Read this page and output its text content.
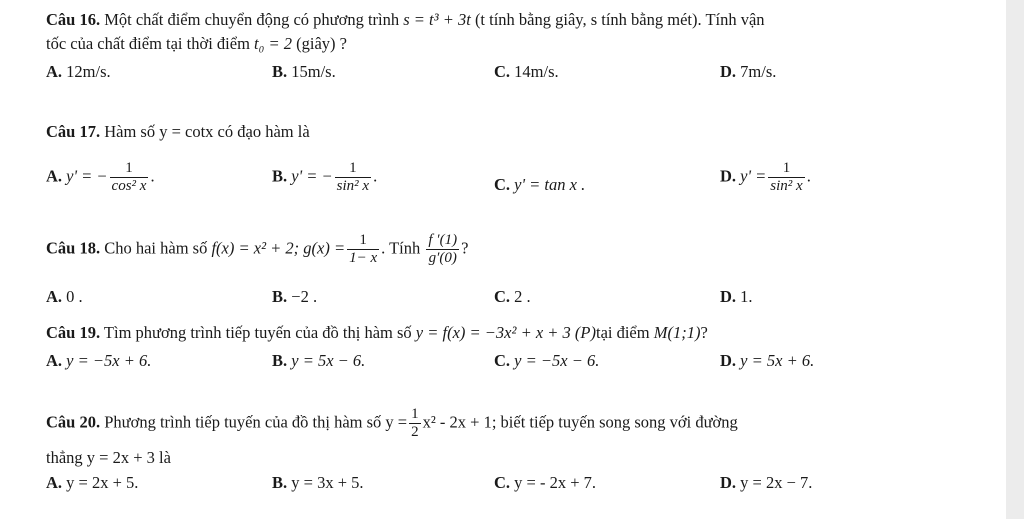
Câu 16. Một chất điểm chuyển động có phương trình s = t³ + 3t (t tính bằng giây, s tính bằng mét). Tính vận
tốc của chất điểm tại thời điểm t₀ = 2 (giây) ?
A. 12m/s.	B. 15m/s.	C. 14m/s.	D. 7m/s.
Câu 17. Hàm số y = cotx có đạo hàm là
A. y' = − $\frac{1}{\text{cos² x}}$ .	B. y' = − $\frac{1}{\text{sin² x}}$ .	C. y' = tan x .	D. $y' = \frac{1}{\text{sin² x}}$ .
Câu 18. Cho hai hàm số f(x) = x² + 2; $g(x) = \frac{1}{1- x}$ . Tính $\frac{f '(1)}{g'(0)}$ ?
A. 0 .	B. −2 .	C. 2 .	D. 1.
Câu 19. Tìm phương trình tiếp tuyến của đồ thị hàm số y = f(x) = −3x² + x + 3 (P)tại điểm M(1;1)?
A. y = −5x + 6.	B. y = 5x − 6.	C. y = −5x − 6.	D. y = 5x + 6.
Câu 20. Phương trình tiếp tuyến của đồ thị hàm số $y = \frac{1}{2} x^2 - 2x + 1$; biết tiếp tuyến song song với đường
thẳng y = 2x + 3 là
A. y = 2x + 5.	B. y = 3x + 5.	C. y = - 2x + 7.	D. y = 2x − 7.
